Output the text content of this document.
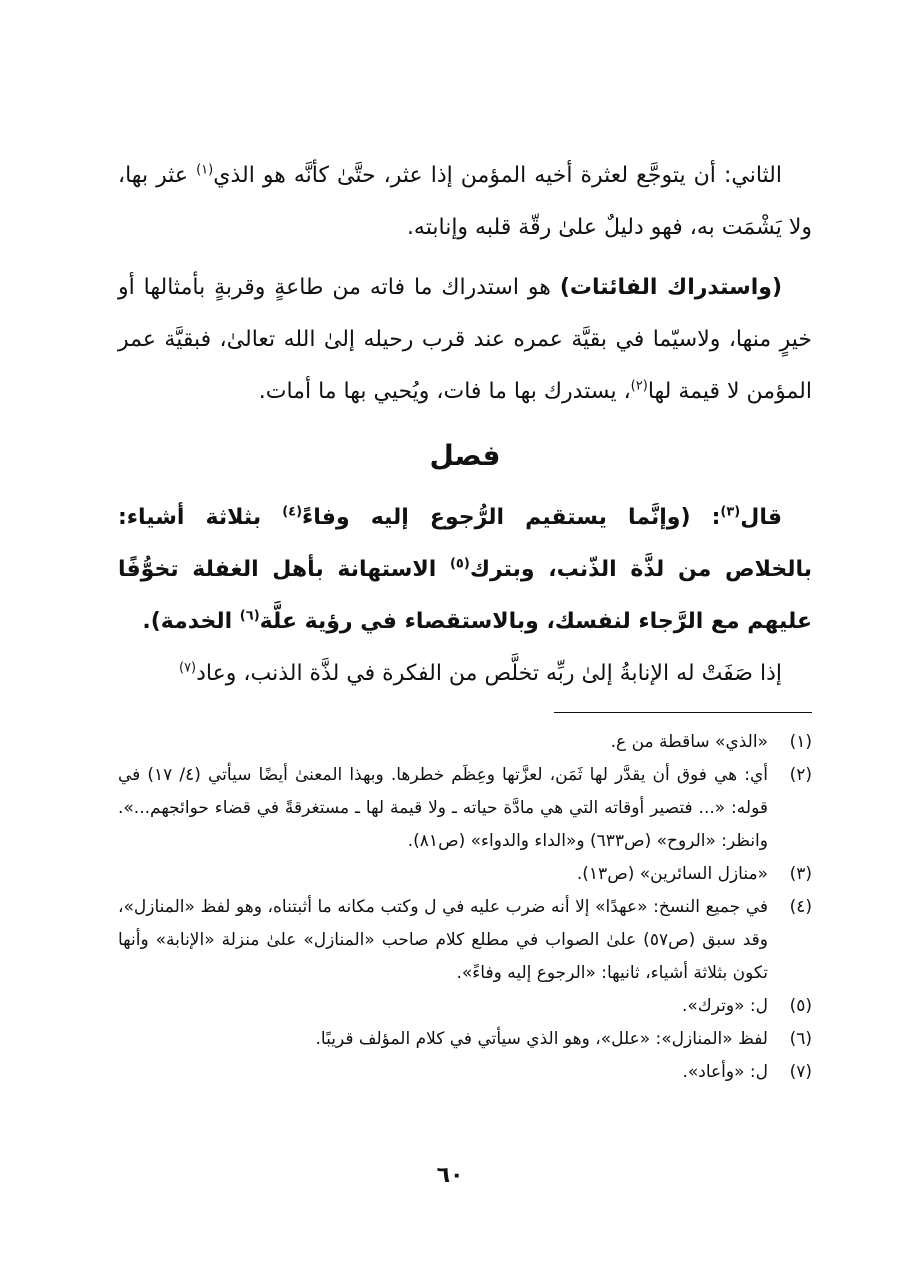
الثاني: أن يتوجَّع لعثرة أخيه المؤمن إذا عثر، حتَّىٰ كأنَّه هو الذي$^{(١)}$ عثر بها، ولا يَشْمَت به، فهو دليلٌ علىٰ رقّة قلبه وإنابته.

(واستدراك الفائتات) هو استدراك ما فاته من طاعةٍ وقربةٍ بأمثالها أو خيرٍ منها، ولاسيّما في بقيَّة عمره عند قرب رحيله إلىٰ الله تعالىٰ، فبقيَّة عمر المؤمن لا قيمة لها$^{(٢)}$، يستدرك بها ما فات، ويُحيي بها ما أمات.

فصل

قال$^{(٣)}$: (وإنَّما يستقيم الرُّجوع إليه وفاءً$^{(٤)}$ بثلاثة أشياء: بالخلاص من لذَّة الذّنب، وبترك$^{(٥)}$ الاستهانة بأهل الغفلة تخوُّفًا عليهم مع الرَّجاء لنفسك، وبالاستقصاء في رؤية علَّة$^{(٦)}$ الخدمة).

إذا صَفَتْ له الإنابةُ إلىٰ ربِّه تخلَّص من الفكرة في لذَّة الذنب، وعاد$^{(٧)}$

(١)
«الذي» ساقطة من ع.
(٢)
أي: هي فوق أن يقدَّر لها ثَمَن، لعزَّتها وعِظَم خطرها. وبهذا المعنىٰ أيضًا سيأتي (٤/ ١٧) في قوله: «... فتصير أوقاته التي هي مادَّة حياته ـ ولا قيمة لها ـ مستغرقةً في قضاء حوائجهم...». وانظر: «الروح» (ص٦٣٣) و«الداء والدواء» (ص٨١).
(٣)
«منازل السائرين» (ص١٣).
(٤)
في جميع النسخ: «عهدًا» إلا أنه ضرب عليه في ل وكتب مكانه ما أثبتناه، وهو لفظ «المنازل»، وقد سبق (ص٥٧) علىٰ الصواب في مطلع كلام صاحب «المنازل» علىٰ منزلة «الإنابة» وأنها تكون بثلاثة أشياء، ثانيها: «الرجوع إليه وفاءً».
(٥)
ل: «وترك».
(٦)
لفظ «المنازل»: «علل»، وهو الذي سيأتي في كلام المؤلف قريبًا.
(٧)
ل: «وأعاد».
٦٠
